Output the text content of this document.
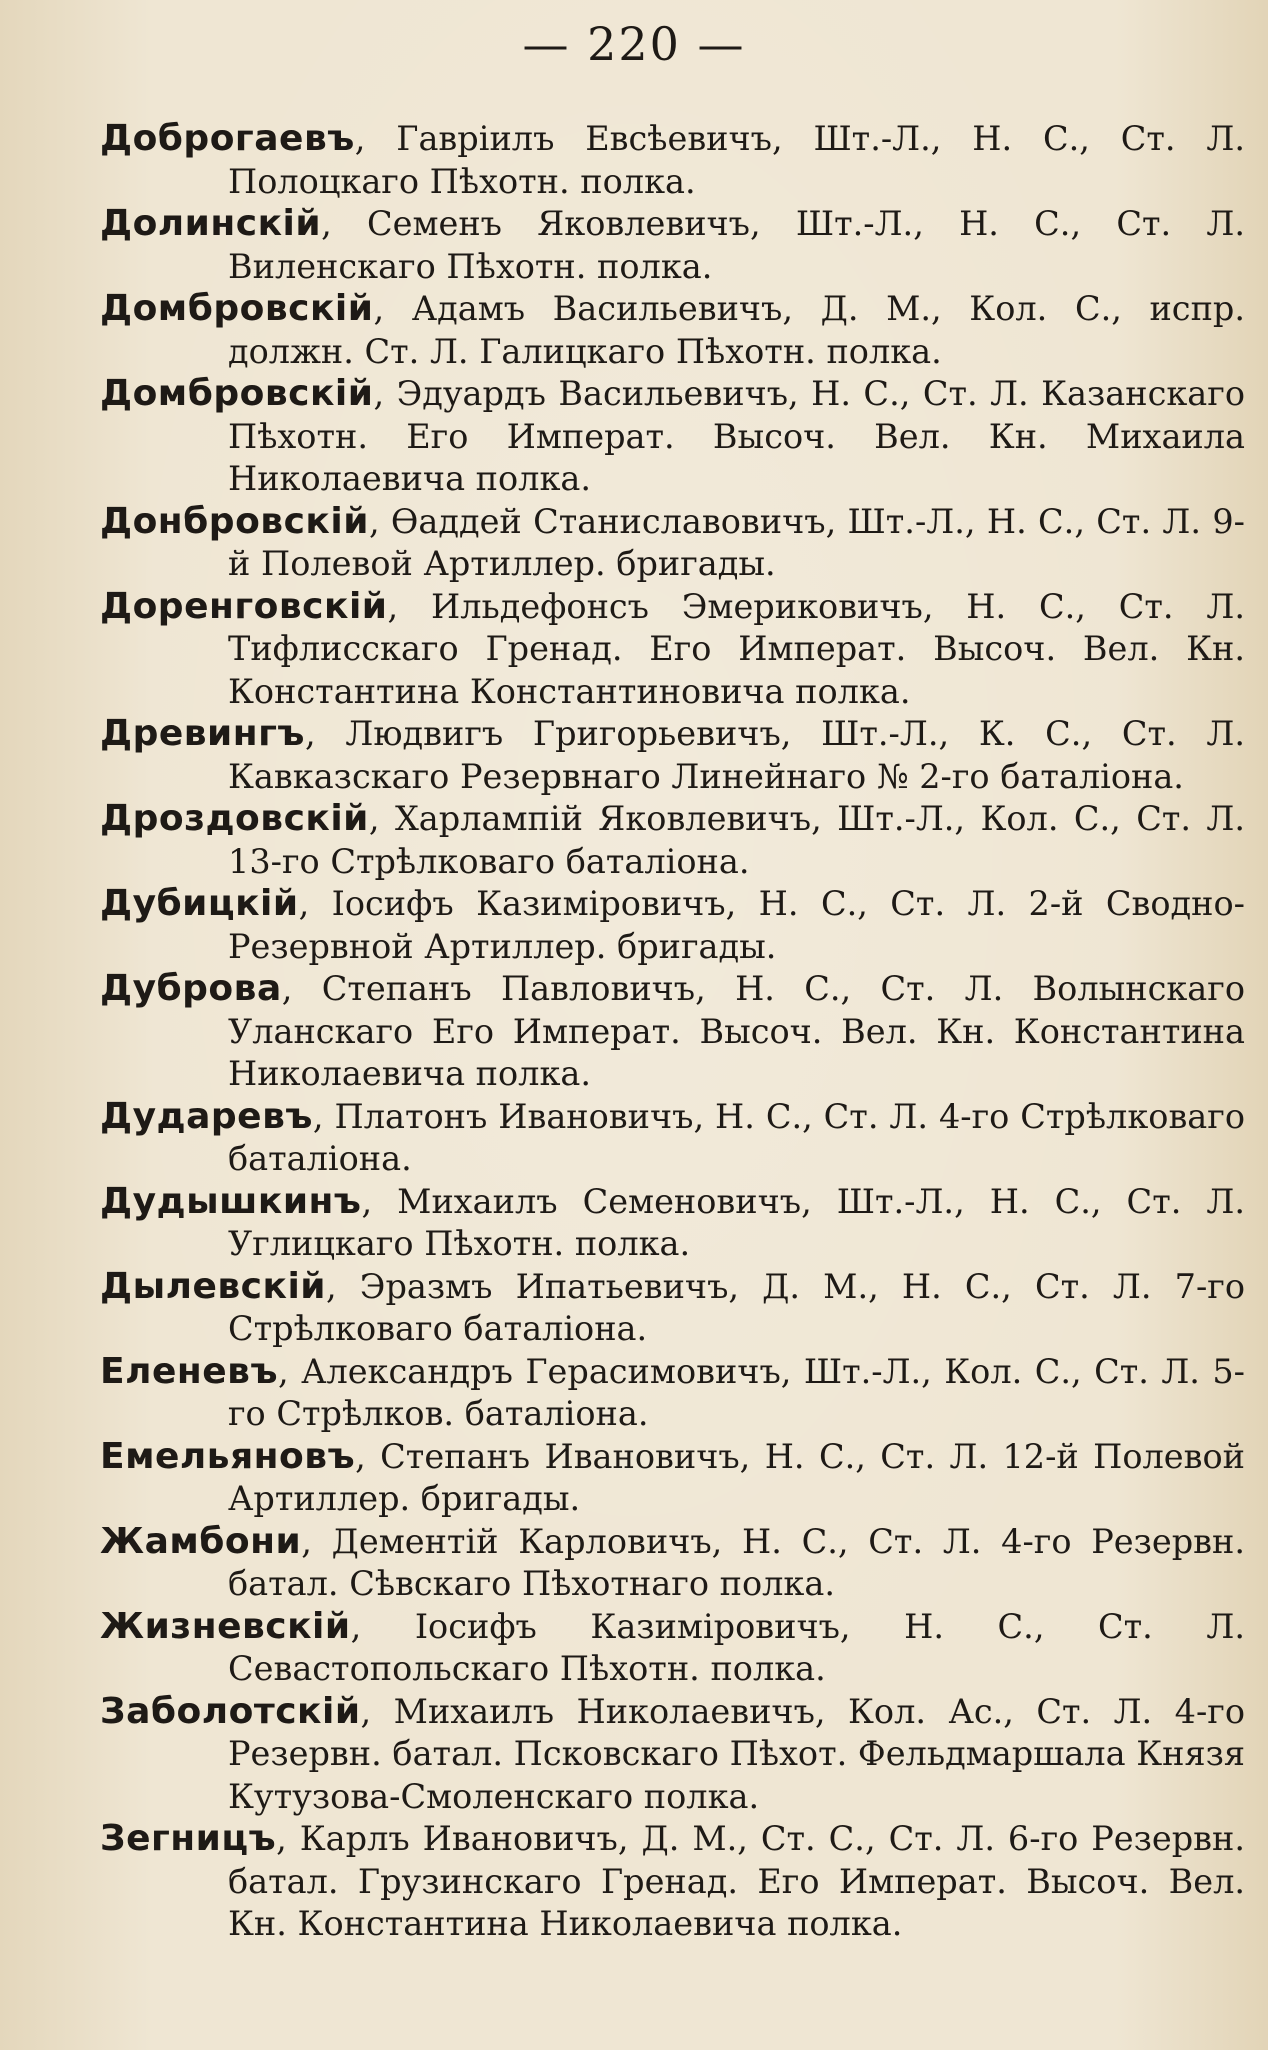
— 220 —

Доброгаевъ, Гаврiилъ Евсѣевичъ, Шт.-Л., Н. С., Ст. Л. Полоцкаго Пѣхотн. полка.

Долинскiй, Семенъ Яковлевичъ, Шт.-Л., Н. С., Ст. Л. Виленскаго Пѣхотн. полка.

Домбровскiй, Адамъ Васильевичъ, Д. М., Кол. С., испр. должн. Ст. Л. Галицкаго Пѣхотн. полка.

Домбровскiй, Эдуардъ Васильевичъ, Н. С., Ст. Л. Казанскаго Пѣхотн. Его Императ. Высоч. Вел. Кн. Михаила Николаевича полка.

Донбровскiй, Ѳаддей Станиславовичъ, Шт.-Л., Н. С., Ст. Л. 9-й Полевой Артиллер. бригады.

Доренговскiй, Ильдефонсъ Эмериковичъ, Н. С., Ст. Л. Тифлисскаго Гренад. Его Императ. Высоч. Вел. Кн. Константина Константиновича полка.

Древингъ, Людвигъ Григорьевичъ, Шт.-Л., К. С., Ст. Л. Кавказскаго Резервнаго Линейнаго № 2-го баталiона.

Дроздовскiй, Харлампiй Яковлевичъ, Шт.-Л., Кол. С., Ст. Л. 13-го Стрѣлковаго баталiона.

Дубицкiй, Iосифъ Казимiровичъ, Н. С., Ст. Л. 2-й Сводно-Резервной Артиллер. бригады.

Дуброва, Степанъ Павловичъ, Н. С., Ст. Л. Волынскаго Уланскаго Его Императ. Высоч. Вел. Кн. Константина Николаевича полка.

Дударевъ, Платонъ Ивановичъ, Н. С., Ст. Л. 4-го Стрѣлковаго баталiона.

Дудышкинъ, Михаилъ Семеновичъ, Шт.-Л., Н. С., Ст. Л. Углицкаго Пѣхотн. полка.

Дылевскiй, Эразмъ Ипатьевичъ, Д. М., Н. С., Ст. Л. 7-го Стрѣлковаго баталiона.

Еленевъ, Александръ Герасимовичъ, Шт.-Л., Кол. С., Ст. Л. 5-го Стрѣлков. баталiона.

Емельяновъ, Степанъ Ивановичъ, Н. С., Ст. Л. 12-й Полевой Артиллер. бригады.

Жамбони, Дементiй Карловичъ, Н. С., Ст. Л. 4-го Резервн. батал. Сѣвскаго Пѣхотнаго полка.

Жизневскiй, Iосифъ Казимiровичъ, Н. С., Ст. Л. Севастопольскаго Пѣхотн. полка.

Заболотскiй, Михаилъ Николаевичъ, Кол. Ас., Ст. Л. 4-го Резервн. батал. Псковскаго Пѣхот. Фельдмаршала Князя Кутузова-Смоленскаго полка.

Зегницъ, Карлъ Ивановичъ, Д. М., Ст. С., Ст. Л. 6-го Резервн. батал. Грузинскаго Гренад. Его Императ. Высоч. Вел. Кн. Константина Николаевича полка.
